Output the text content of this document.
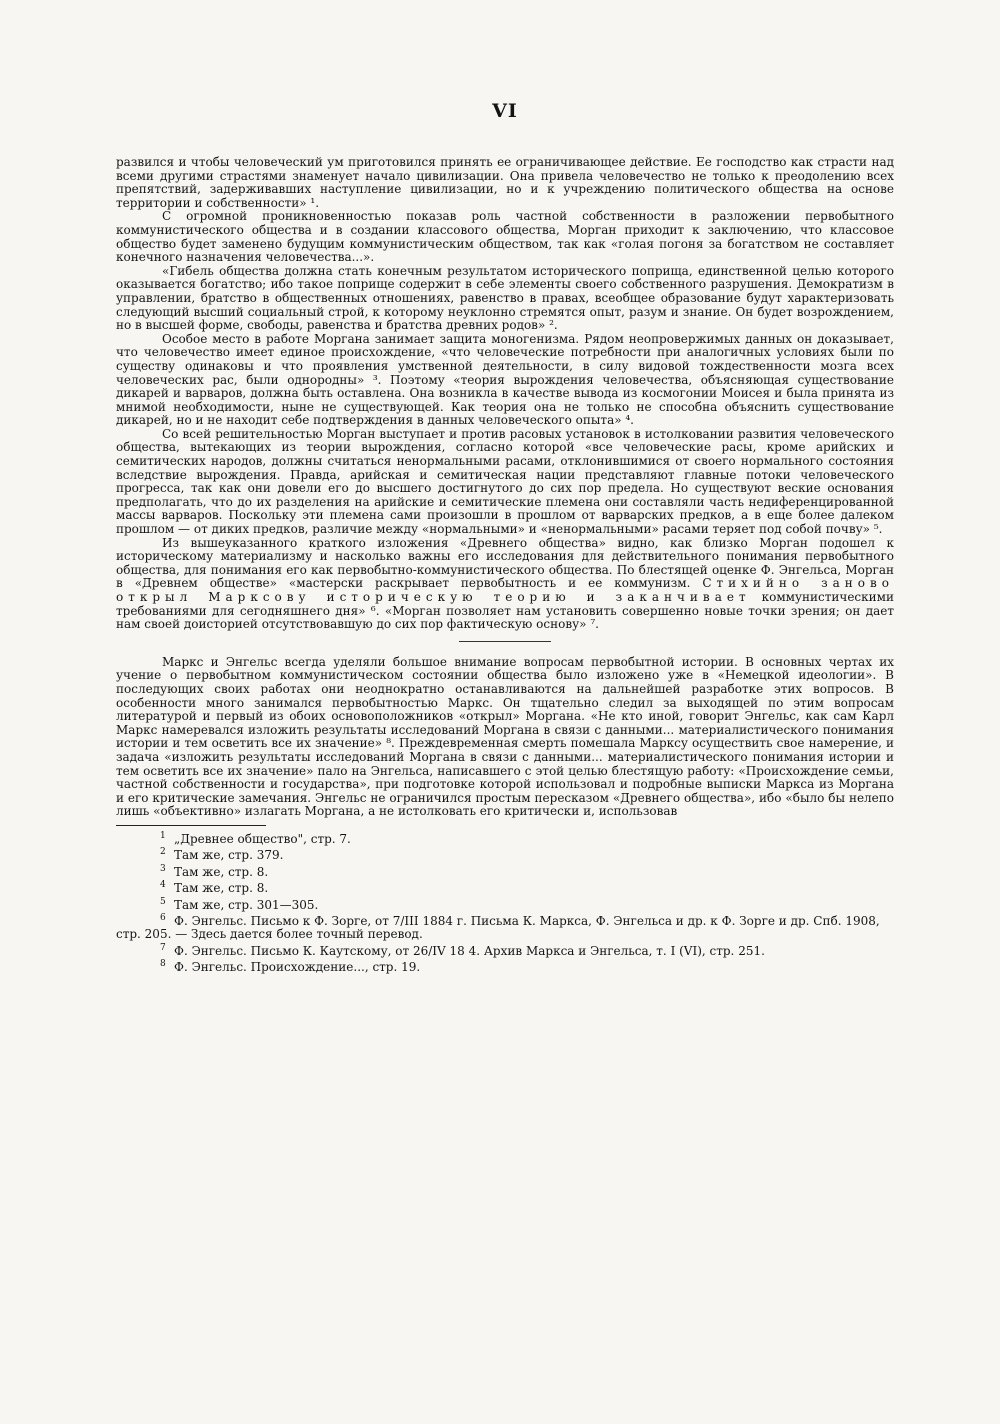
VI

развился и чтобы человеческий ум приготовился принять ее ограничивающее действие. Ее господство как страсти над всеми другими страстями знаменует начало цивилизации. Она привела человечество не только к преодолению всех препятствий, задерживавших наступление цивилизации, но и к учреждению политического общества на основе территории и собственности» ¹.

С огромной проникновенностью показав роль частной собственности в разложении первобытного коммунистического общества и в создании классового общества, Морган приходит к заключению, что классовое общество будет заменено будущим коммунистическим обществом, так как «голая погоня за богатством не составляет конечного назначения человечества...».

«Гибель общества должна стать конечным результатом исторического поприща, единственной целью которого оказывается богатство; ибо такое поприще содержит в себе элементы своего собственного разрушения. Демократизм в управлении, братство в общественных отношениях, равенство в правах, всеобщее образование будут характеризовать следующий высший социальный строй, к которому неуклонно стремятся опыт, разум и знание. Он будет возрождением, но в высшей форме, свободы, равенства и братства древних родов» ².

Особое место в работе Моргана занимает защита моногенизма. Рядом неопровержимых данных он доказывает, что человечество имеет единое происхождение, «что человеческие потребности при аналогичных условиях были по существу одинаковы и что проявления умственной деятельности, в силу видовой тождественности мозга всех человеческих рас, были однородны» ³. Поэтому «теория вырождения человечества, объясняющая существование дикарей и варваров, должна быть оставлена. Она возникла в качестве вывода из космогонии Моисея и была принята из мнимой необходимости, ныне не существующей. Как теория она не только не способна объяснить существование дикарей, но и не находит себе подтверждения в данных человеческого опыта» ⁴.

Со всей решительностью Морган выступает и против расовых установок в истолковании развития человеческого общества, вытекающих из теории вырождения, согласно которой «все человеческие расы, кроме арийских и семитических народов, должны считаться ненормальными расами, отклонившимися от своего нормального состояния вследствие вырождения. Правда, арийская и семитическая нации представляют главные потоки человеческого прогресса, так как они довели его до высшего достигнутого до сих пор предела. Но существуют веские основания предполагать, что до их разделения на арийские и семитические племена они составляли часть недиференцированной массы варваров. Поскольку эти племена сами произошли в прошлом от варварских предков, а в еще более далеком прошлом — от диких предков, различие между «нормальными» и «ненормальными» расами теряет под собой почву» ⁵.

Из вышеуказанного краткого изложения «Древнего общества» видно, как близко Морган подошел к историческому материализму и насколько важны его исследования для действительного понимания первобытного общества, для понимания его как первобытно-коммунистического общества. По блестящей оценке Ф. Энгельса, Морган в «Древнем обществе» «мастерски раскрывает первобытность и ее коммунизм. Стихийно заново открыл Марксову историческую теорию и заканчивает коммунистическими требованиями для сегодняшнего дня» ⁶. «Морган позволяет нам установить совершенно новые точки зрения; он дает нам своей доисторией отсутствовавшую до сих пор фактическую основу» ⁷.

Маркс и Энгельс всегда уделяли большое внимание вопросам первобытной истории. В основных чертах их учение о первобытном коммунистическом состоянии общества было изложено уже в «Немецкой идеологии». В последующих своих работах они неоднократно останавливаются на дальнейшей разработке этих вопросов. В особенности много занимался первобытностью Маркс. Он тщательно следил за выходящей по этим вопросам литературой и первый из обоих основоположников «открыл» Моргана. «Не кто иной, говорит Энгельс, как сам Карл Маркс намеревался изложить результаты исследований Моргана в связи с данными... материалистического понимания истории и тем осветить все их значение» ⁸. Преждевременная смерть помешала Марксу осуществить свое намерение, и задача «изложить результаты исследований Моргана в связи с данными... материалистического понимания истории и тем осветить все их значение» пало на Энгельса, написавшего с этой целью блестящую работу: «Происхождение семьи, частной собственности и государства», при подготовке которой использовал и подробные выписки Маркса из Моргана и его критические замечания. Энгельс не ограничился простым пересказом «Древнего общества», ибо «было бы нелепо лишь «объективно» излагать Моргана, а не истолковать его критически и, использовав

1 „Древнее общество", стр. 7.

2 Там же, стр. 379.

3 Там же, стр. 8.

4 Там же, стр. 8.

5 Там же, стр. 301—305.

6 Ф. Энгельс. Письмо к Ф. Зорге, от 7/III 1884 г. Письма К. Маркса, Ф. Энгельса и др. к Ф. Зорге и др. Спб. 1908, стр. 205. — Здесь дается более точный перевод.

7 Ф. Энгельс. Письмо К. Каутскому, от 26/IV 18 4. Архив Маркса и Энгельса, т. I (VI), стр. 251.

8 Ф. Энгельс. Происхождение..., стр. 19.
